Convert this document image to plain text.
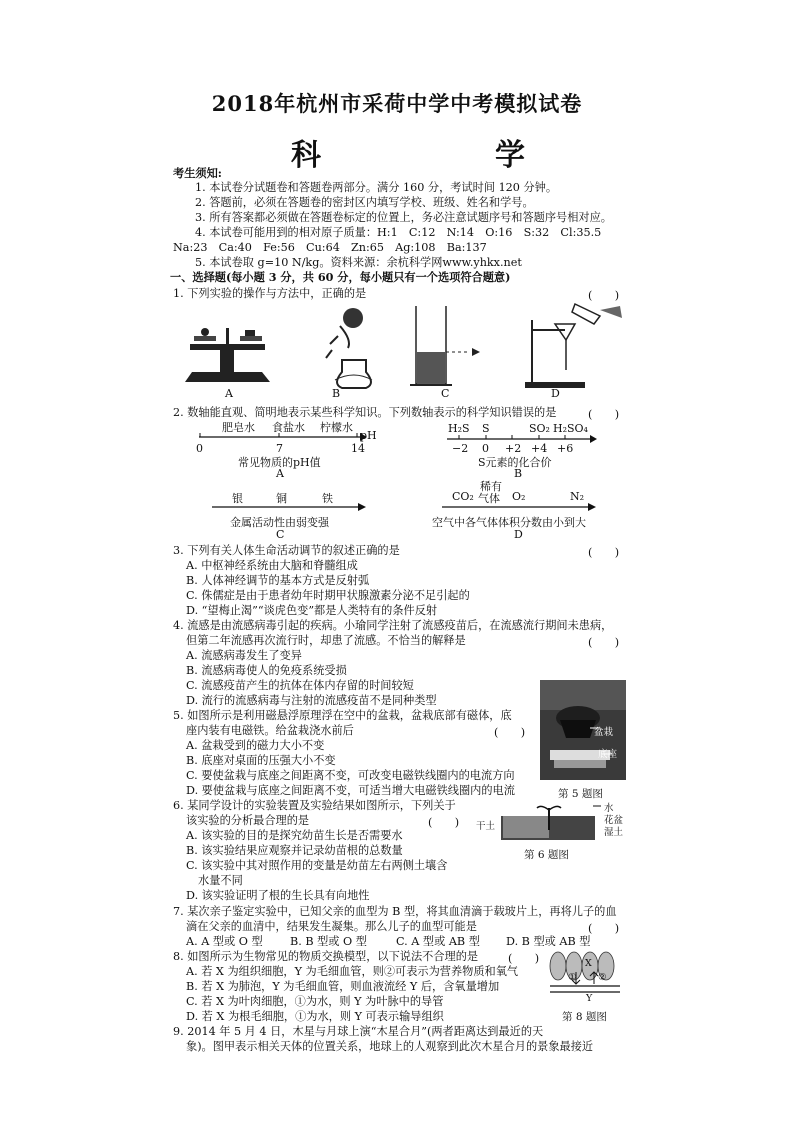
2018年杭州市采荷中学中考模拟试卷
科　　学
考生须知:
1. 本试卷分试题卷和答题卷两部分。满分 160 分，考试时间 120 分钟。
2. 答题前，必须在答题卷的密封区内填写学校、班级、姓名和学号。
3. 所有答案都必须做在答题卷标定的位置上，务必注意试题序号和答题序号相对应。
4. 本试卷可能用到的相对原子质量：H:1　C:12　N:14　O:16　S:32　Cl:35.5
Na:23　Ca:40　Fe:56　Cu:64　Zn:65　Ag:108　Ba:137
5. 本试卷取 g=10 N/kg。资料来源：余杭科学网www.yhkx.net
一、选择题(每小题 3 分，共 60 分，每小题只有一个选项符合题意)
1. 下列实验的操作与方法中，正确的是	(　　)
A	B	C	D
2. 数轴能直观、简明地表示某些科学知识。下列数轴表示的科学知识错误的是	(　　)
肥皂水 食盐水 柠檬水
pH
0	7	14
常见物质的pH值
A
H₂S S	SO₂ H₂SO₄
−2 0 +2 +4 +6
S元素的化合价
B
银	铜	铁
金属活动性由弱变强
C
稀有
CO₂ 气体 O₂	N₂
空气中各气体体积分数由小到大
D
3. 下列有关人体生命活动调节的叙述正确的是	(　　)
A. 中枢神经系统由大脑和脊髓组成
B. 人体神经调节的基本方式是反射弧
C. 侏儒症是由于患者幼年时期甲状腺激素分泌不足引起的
D. “望梅止渴”“谈虎色变”都是人类特有的条件反射
4. 流感是由流感病毒引起的疾病。小瑜同学注射了流感疫苗后，在流感流行期间未患病，
但第二年流感再次流行时，却患了流感。不恰当的解释是	(　　)
A. 流感病毒发生了变异
B. 流感病毒使人的免疫系统受损
C. 流感疫苗产生的抗体在体内存留的时间较短
D. 流行的流感病毒与注射的流感疫苗不是同种类型
5. 如图所示是利用磁悬浮原理浮在空中的盆栽，盆栽底部有磁体，底
座内装有电磁铁。给盆栽浇水前后	(　　)
A. 盆栽受到的磁力大小不变
B. 底座对桌面的压强大小不变
C. 要使盆栽与底座之间距离不变，可改变电磁铁线圈内的电流方向
D. 要使盆栽与底座之间距离不变，可适当增大电磁铁线圈内的电流
盆栽
底座
第 5 题图
6. 某同学设计的实验装置及实验结果如图所示，下列关于
该实验的分析最合理的是	(　　)
A. 该实验的目的是探究幼苗生长是否需要水
B. 该实验结果应观察并记录幼苗根的总数量
C. 该实验中其对照作用的变量是幼苗左右两侧土壤含
水量不同
D. 该实验证明了根的生长具有向地性
水
花盆
湿土
干土
第 6 题图
7. 某次亲子鉴定实验中，已知父亲的血型为 B 型，将其血清滴于载玻片上，再将儿子的血
滴在父亲的血清中，结果发生凝集。那么儿子的血型可能是	(　　)
A. A 型或 O 型 B. B 型或 O 型	C. A 型或 AB 型 D. B 型或 AB 型
8. 如图所示为生物常见的物质交换模型，以下说法不合理的是	(　　)
A. 若 X 为组织细胞，Y 为毛细血管，则②可表示为营养物质和氧气
B. 若 X 为肺泡，Y 为毛细血管，则血液流经 Y 后，含氧量增加
C. 若 X 为叶肉细胞，①为水，则 Y 为叶脉中的导管
D. 若 X 为根毛细胞，①为水，则 Y 可表示输导组织
X
① ②
Y
第 8 题图
9. 2014 年 5 月 4 日，木星与月球上演“木星合月”(两者距离达到最近的天
象)。图甲表示相关天体的位置关系，地球上的人观察到此次木星合月的景象最接近
